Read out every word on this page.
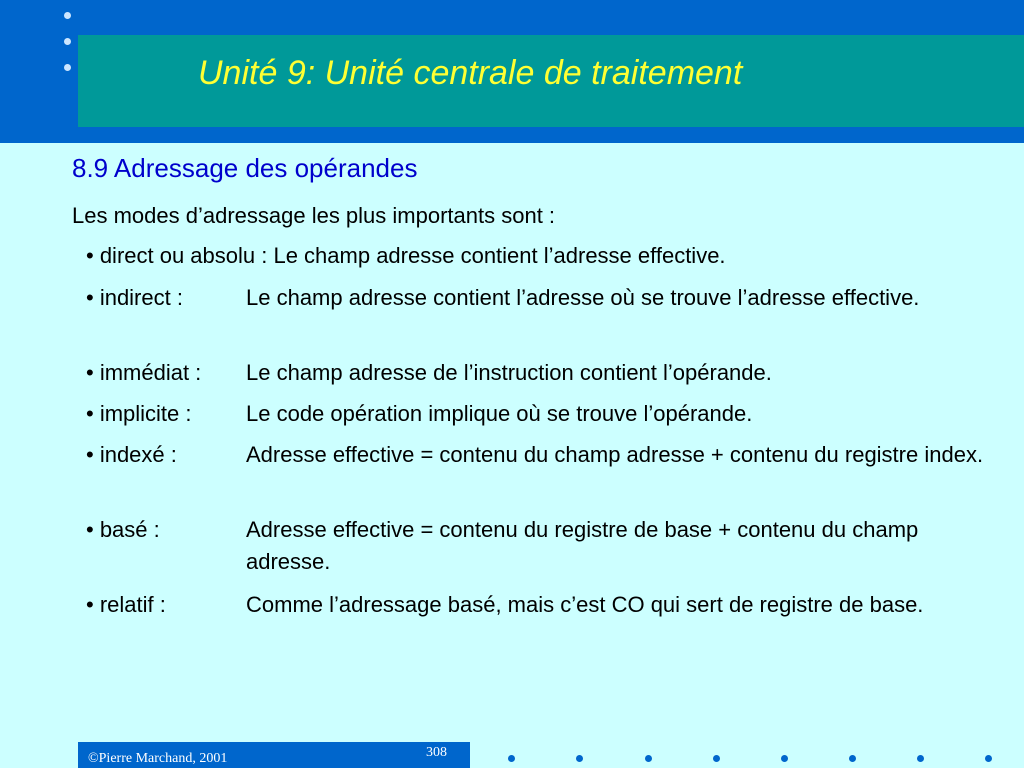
Unité 9: Unité centrale de traitement
8.9 Adressage des opérandes
Les modes d’adressage les plus importants sont :
• direct ou absolu : Le champ adresse contient l’adresse effective.
• indirect :	Le champ adresse contient l’adresse où se trouve l’adresse effective.
• immédiat : Le champ adresse de l’instruction contient l’opérande.
• implicite : Le code opération implique où se trouve l’opérande.
• indexé :	Adresse effective = contenu du champ adresse + contenu du registre index.
• basé :	Adresse effective = contenu du registre de base + contenu du champ adresse.
• relatif :	Comme l’adressage basé, mais c’est CO qui sert de registre de base.
©Pierre Marchand, 2001	308
